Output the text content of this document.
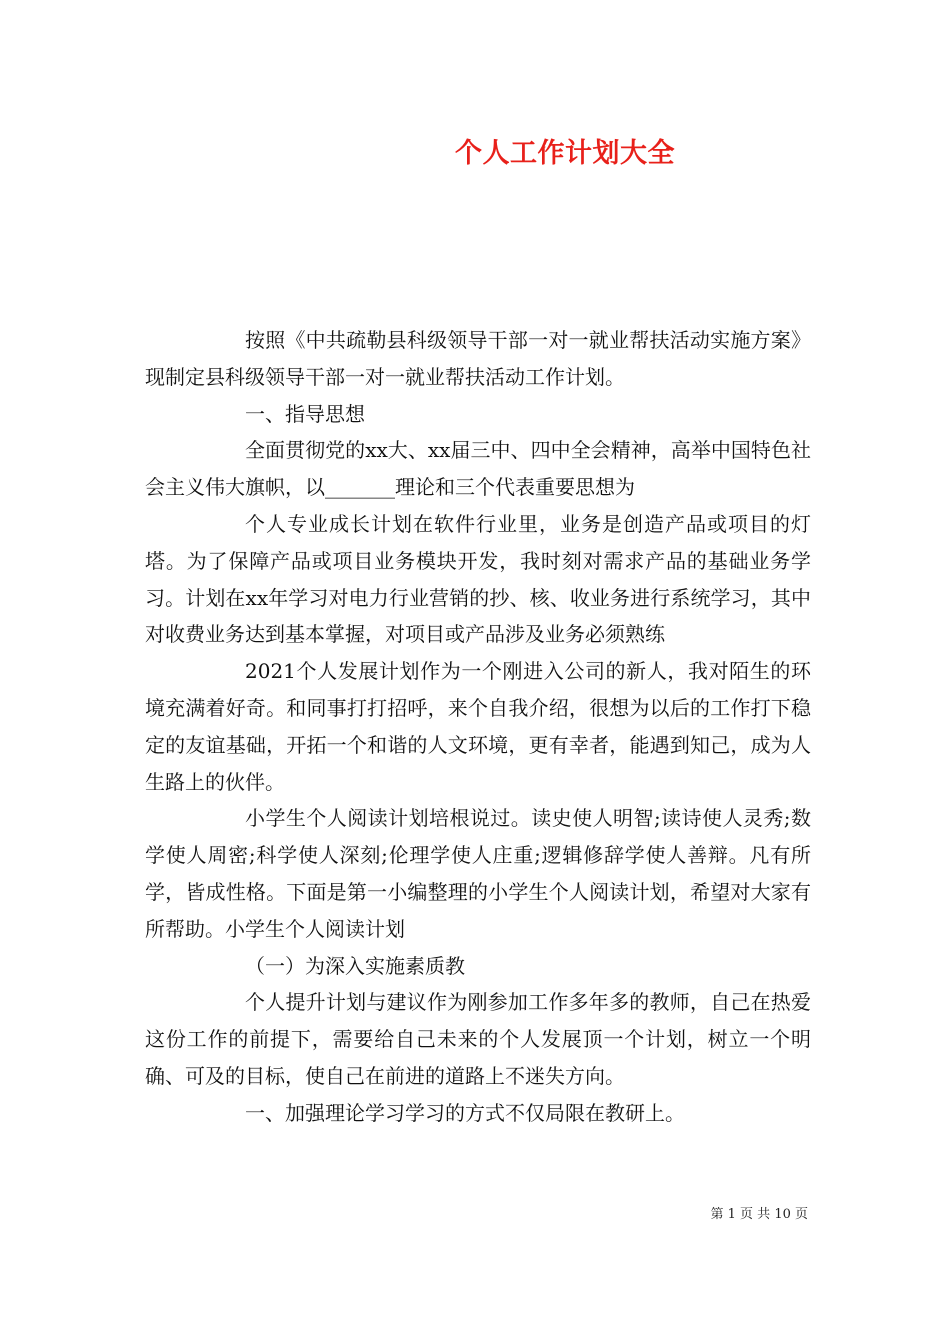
个人工作计划大全

按照《中共疏勒县科级领导干部一对一就业帮扶活动实施方案》现制定县科级领导干部一对一就业帮扶活动工作计划。

一、指导思想

全面贯彻党的xx大、xx届三中、四中全会精神，高举中国特色社会主义伟大旗帜，以_______理论和三个代表重要思想为

个人专业成长计划在软件行业里，业务是创造产品或项目的灯塔。为了保障产品或项目业务模块开发，我时刻对需求产品的基础业务学习。计划在xx年学习对电力行业营销的抄、核、收业务进行系统学习，其中对收费业务达到基本掌握，对项目或产品涉及业务必须熟练

2021个人发展计划作为一个刚进入公司的新人，我对陌生的环境充满着好奇。和同事打打招呼，来个自我介绍，很想为以后的工作打下稳定的友谊基础，开拓一个和谐的人文环境，更有幸者，能遇到知己，成为人生路上的伙伴。

小学生个人阅读计划培根说过。读史使人明智;读诗使人灵秀;数学使人周密;科学使人深刻;伦理学使人庄重;逻辑修辞学使人善辩。凡有所学，皆成性格。下面是第一小编整理的小学生个人阅读计划，希望对大家有所帮助。小学生个人阅读计划

（一）为深入实施素质教

个人提升计划与建议作为刚参加工作多年多的教师，自己在热爱这份工作的前提下，需要给自己未来的个人发展顶一个计划，树立一个明确、可及的目标，使自己在前进的道路上不迷失方向。

一、加强理论学习学习的方式不仅局限在教研上。

第 1 页 共 10 页
